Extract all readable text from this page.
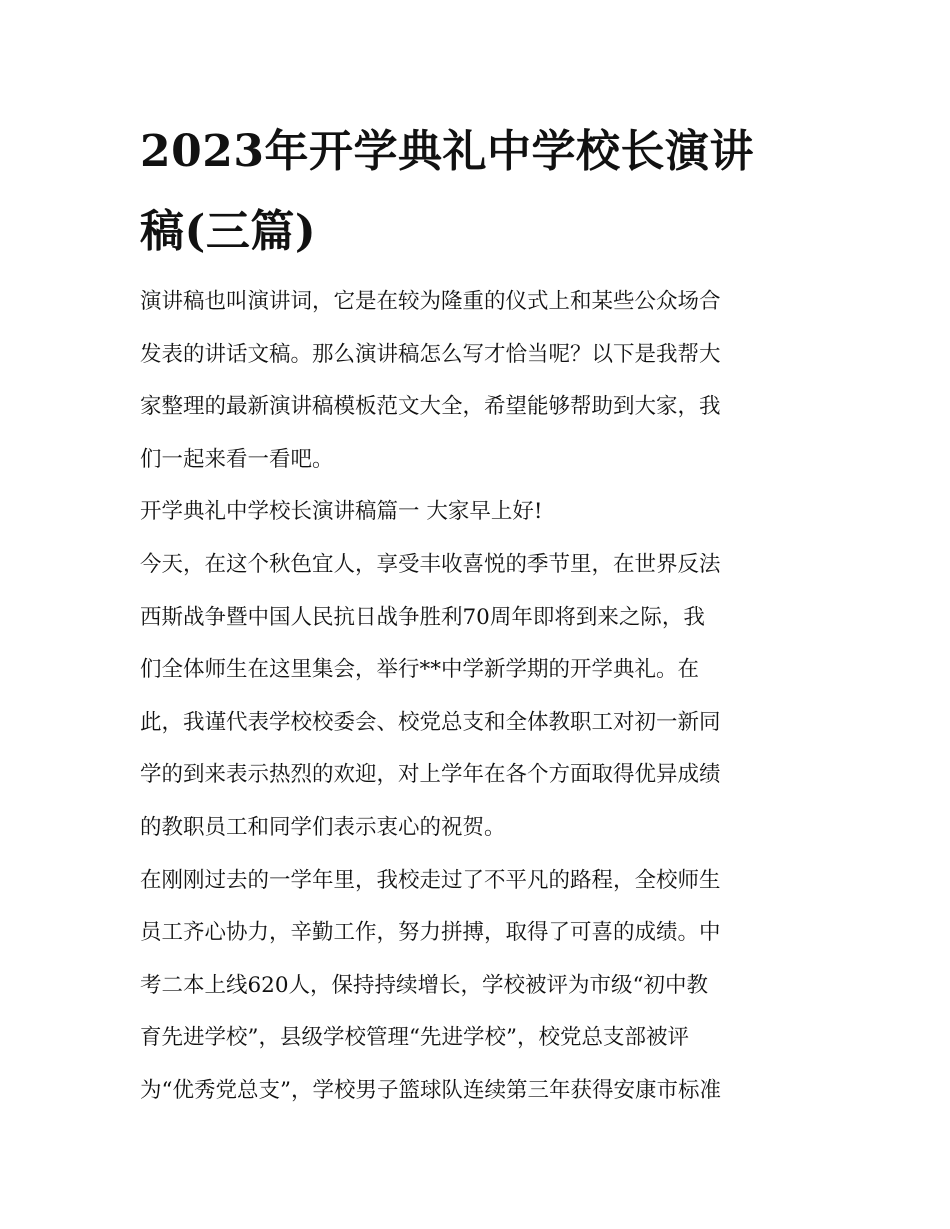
2023年开学典礼中学校长演讲
稿(三篇)
演讲稿也叫演讲词，它是在较为隆重的仪式上和某些公众场合
发表的讲话文稿。那么演讲稿怎么写才恰当呢？以下是我帮大
家整理的最新演讲稿模板范文大全，希望能够帮助到大家，我
们一起来看一看吧。
开学典礼中学校长演讲稿篇一 大家早上好!
今天，在这个秋色宜人，享受丰收喜悦的季节里，在世界反法
西斯战争暨中国人民抗日战争胜利70周年即将到来之际，我
们全体师生在这里集会，举行**中学新学期的开学典礼。在
此，我谨代表学校校委会、校党总支和全体教职工对初一新同
学的到来表示热烈的欢迎，对上学年在各个方面取得优异成绩
的教职员工和同学们表示衷心的祝贺。
在刚刚过去的一学年里，我校走过了不平凡的路程，全校师生
员工齐心协力，辛勤工作，努力拼搏，取得了可喜的成绩。中
考二本上线620人，保持持续增长，学校被评为市级“初中教
育先进学校”，县级学校管理“先进学校”，校党总支部被评
为“优秀党总支”，学校男子篮球队连续第三年获得安康市标准
